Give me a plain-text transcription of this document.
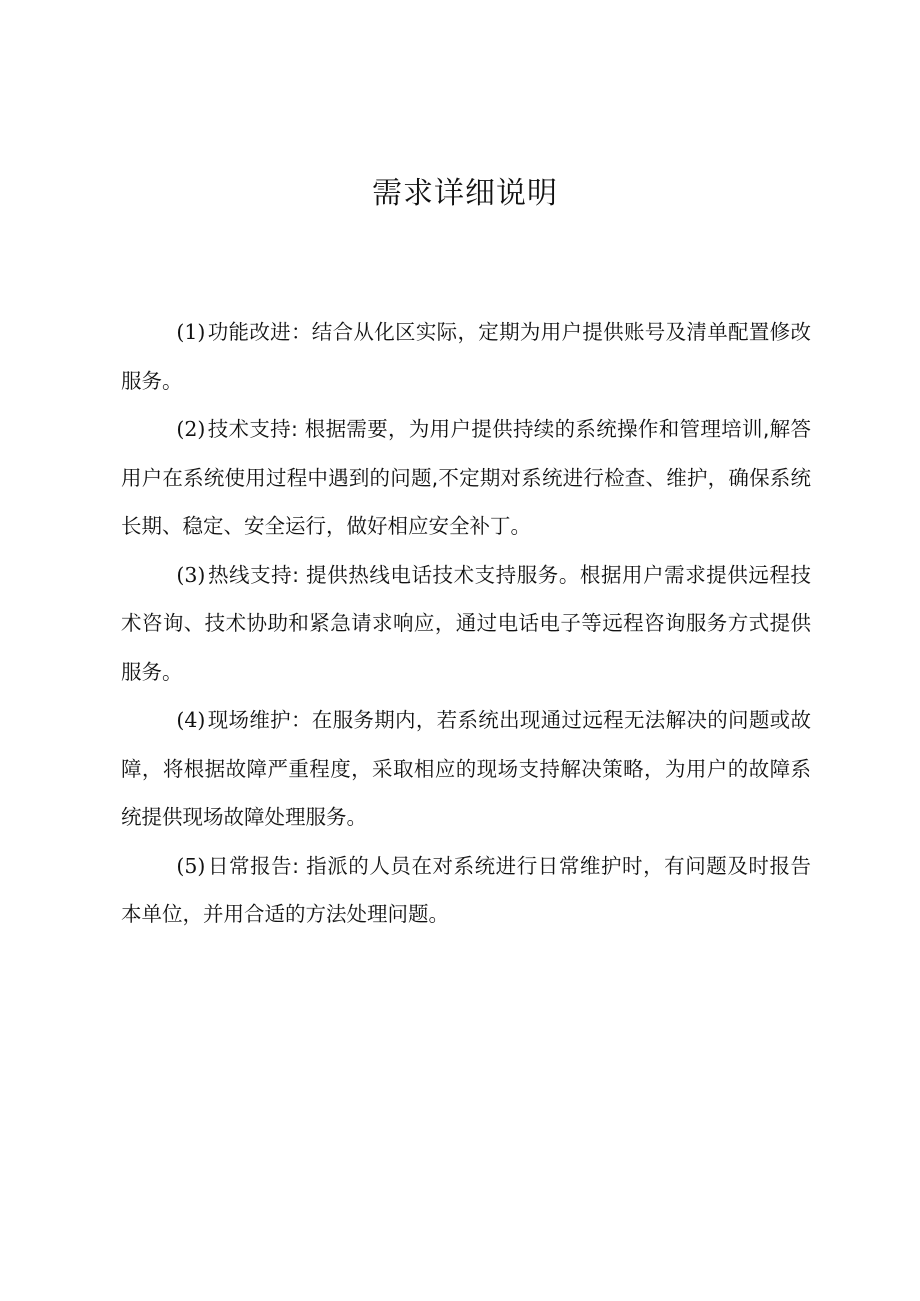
需求详细说明

(1)功能改进：结合从化区实际，定期为用户提供账号及清单配置修改服务。

(2)技术支持: 根据需要，为用户提供持续的系统操作和管理培训,解答用户在系统使用过程中遇到的问题,不定期对系统进行检查、维护，确保系统长期、稳定、安全运行，做好相应安全补丁。

(3)热线支持: 提供热线电话技术支持服务。根据用户需求提供远程技术咨询、技术协助和紧急请求响应，通过电话电子等远程咨询服务方式提供服务。

(4)现场维护：在服务期内，若系统出现通过远程无法解决的问题或故障，将根据故障严重程度，采取相应的现场支持解决策略，为用户的故障系统提供现场故障处理服务。

(5)日常报告: 指派的人员在对系统进行日常维护时，有问题及时报告本单位，并用合适的方法处理问题。
